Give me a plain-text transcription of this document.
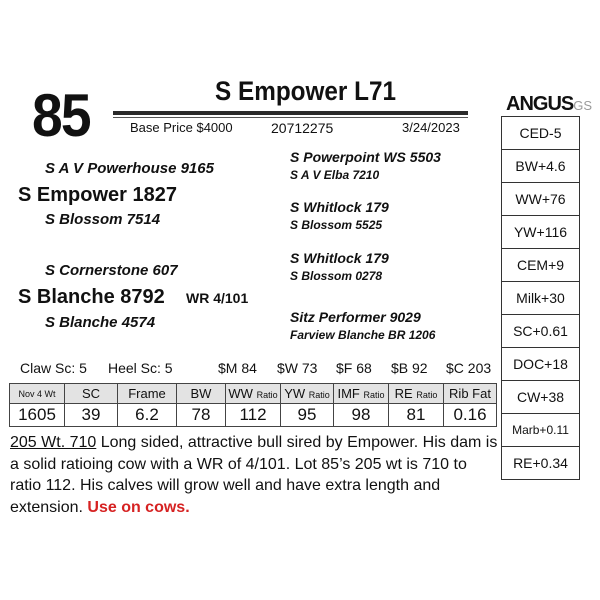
85	S Empower L71
Base Price $4000	20712275	3/24/2023
ANGUSGS
CED-5
BW+4.6
WW+76
YW+116
CEM+9
Milk+30
SC+0.61
DOC+18
CW+38
Marb+0.11
RE+0.34
S A V Powerhouse 9165
S Empower 1827
S Blossom 7514
S Cornerstone 607
S Blanche 8792 WR 4/101
S Blanche 4574
S Powerpoint WS 5503
S A V Elba 7210
S Whitlock 179
S Blossom 5525
S Whitlock 179
S Blossom 0278
Sitz Performer 9029
Farview Blanche BR 1206
Claw Sc: 5 Heel Sc: 5	$M 84 $W 73 $F 68 $B 92 $C 203
Nov 4 Wt	SC	Frame	BW	WW Ratio	YW Ratio	IMF Ratio	RE Ratio	Rib Fat
1605	39	6.2	78	112	95	98	81	0.16
205 Wt. 710 Long sided, attractive bull sired by Empower. His dam is a solid ratioing cow with a WR of 4/101. Lot 85’s 205 wt is 710 to ratio 112. His calves will grow well and have extra length and extension. Use on cows.
